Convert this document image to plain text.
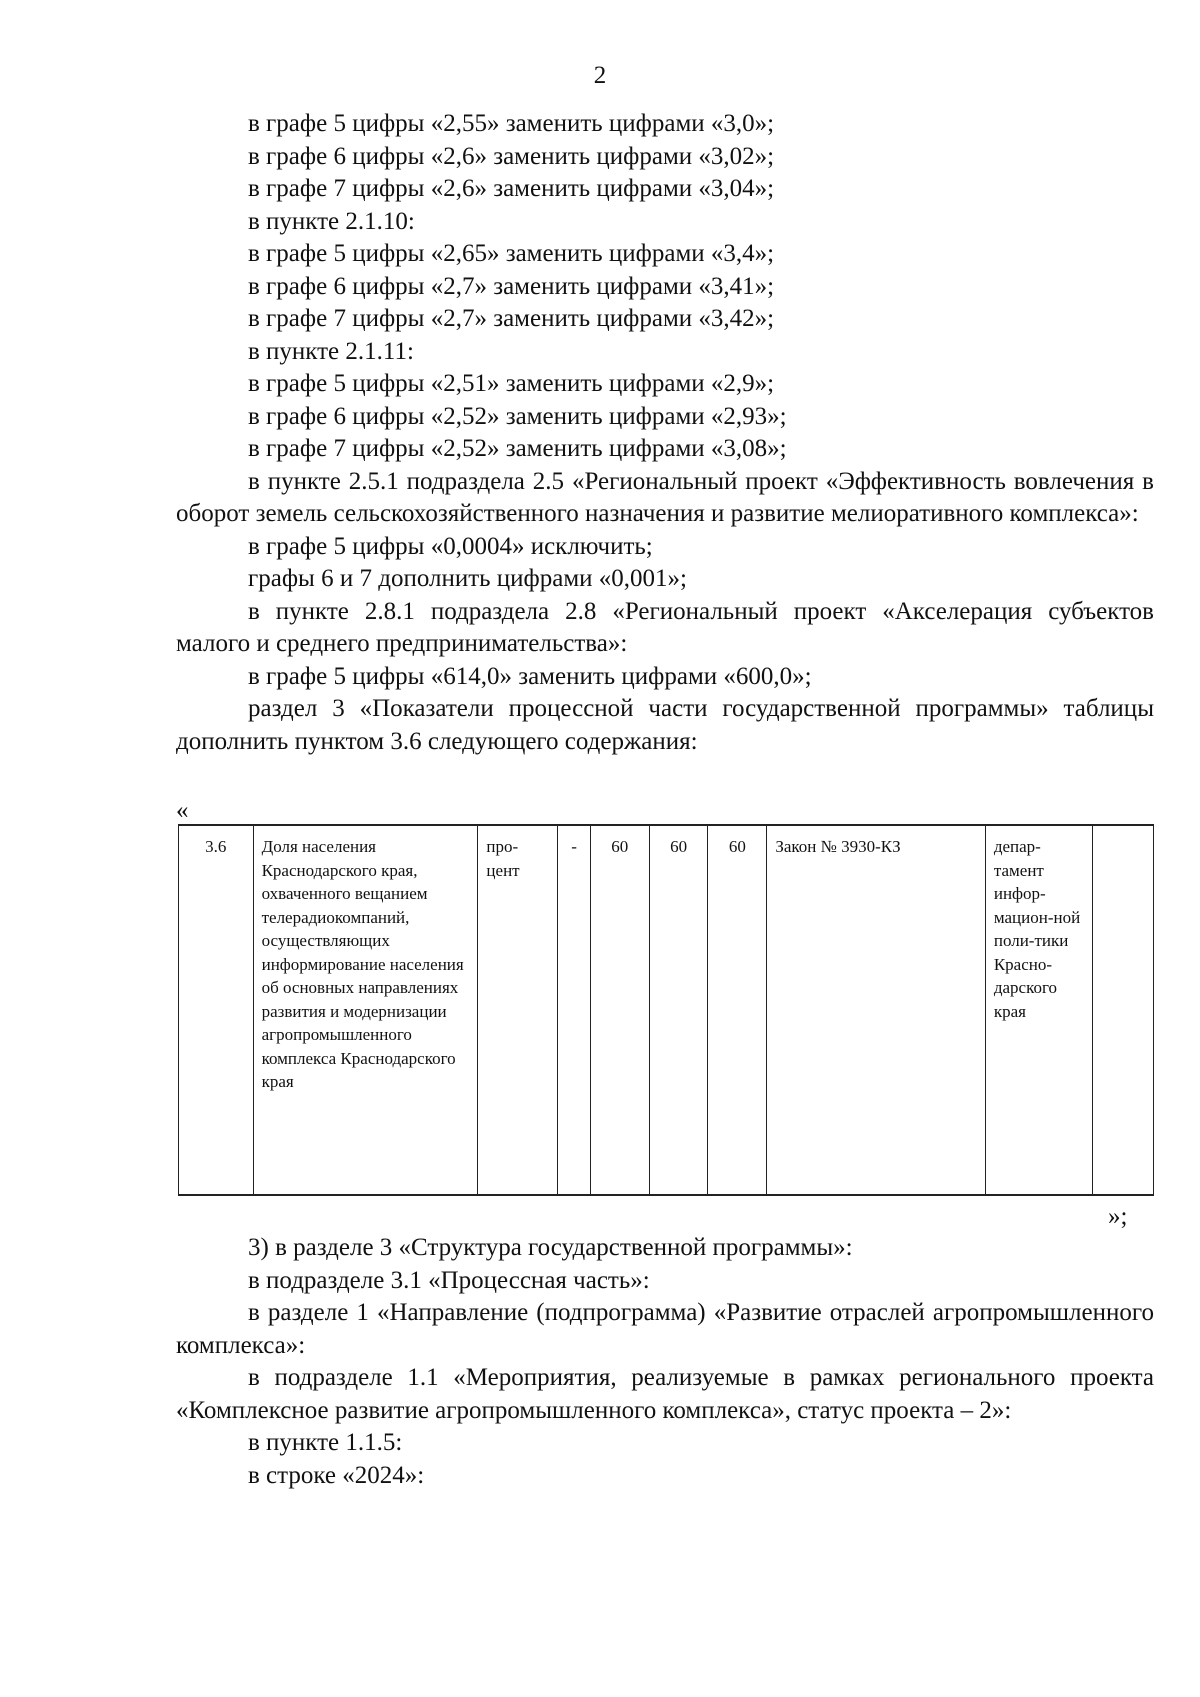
2

в графе 5 цифры «2,55» заменить цифрами «3,0»;

в графе 6 цифры «2,6» заменить цифрами «3,02»;

в графе 7 цифры «2,6» заменить цифрами «3,04»;

в пункте 2.1.10:

в графе 5 цифры «2,65» заменить цифрами «3,4»;

в графе 6 цифры «2,7» заменить цифрами «3,41»;

в графе 7 цифры «2,7» заменить цифрами «3,42»;

в пункте 2.1.11:

в графе 5 цифры «2,51» заменить цифрами «2,9»;

в графе 6 цифры «2,52» заменить цифрами «2,93»;

в графе 7 цифры «2,52» заменить цифрами «3,08»;

в пункте 2.5.1 подраздела 2.5 «Региональный проект «Эффективность вовлечения в оборот земель сельскохозяйственного назначения и развитие мелиоративного комплекса»:

в графе 5 цифры «0,0004» исключить;

графы 6 и 7 дополнить цифрами «0,001»;

в пункте 2.8.1 подраздела 2.8 «Региональный проект «Акселерация субъектов малого и среднего предпринимательства»:

в графе 5 цифры «614,0» заменить цифрами «600,0»;

раздел 3 «Показатели процессной части государственной программы» таблицы дополнить пунктом 3.6 следующего содержания:

«
3.6	Доля населения Краснодарского края, охваченного вещанием телерадиокомпаний, осуществляющих информирование населения об основных направлениях развития и модернизации агропромышленного комплекса Краснодарского края	про-цент	-	60	60	60	Закон № 3930-КЗ	депар-тамент инфор-мацион-ной поли-тики Красно-дарского края	
»;

3) в разделе 3 «Структура государственной программы»:

в подразделе 3.1 «Процессная часть»:

в разделе 1 «Направление (подпрограмма) «Развитие отраслей агропромышленного комплекса»:

в подразделе 1.1 «Мероприятия, реализуемые в рамках регионального проекта «Комплексное развитие агропромышленного комплекса», статус проекта – 2»:

в пункте 1.1.5:

в строке «2024»:
